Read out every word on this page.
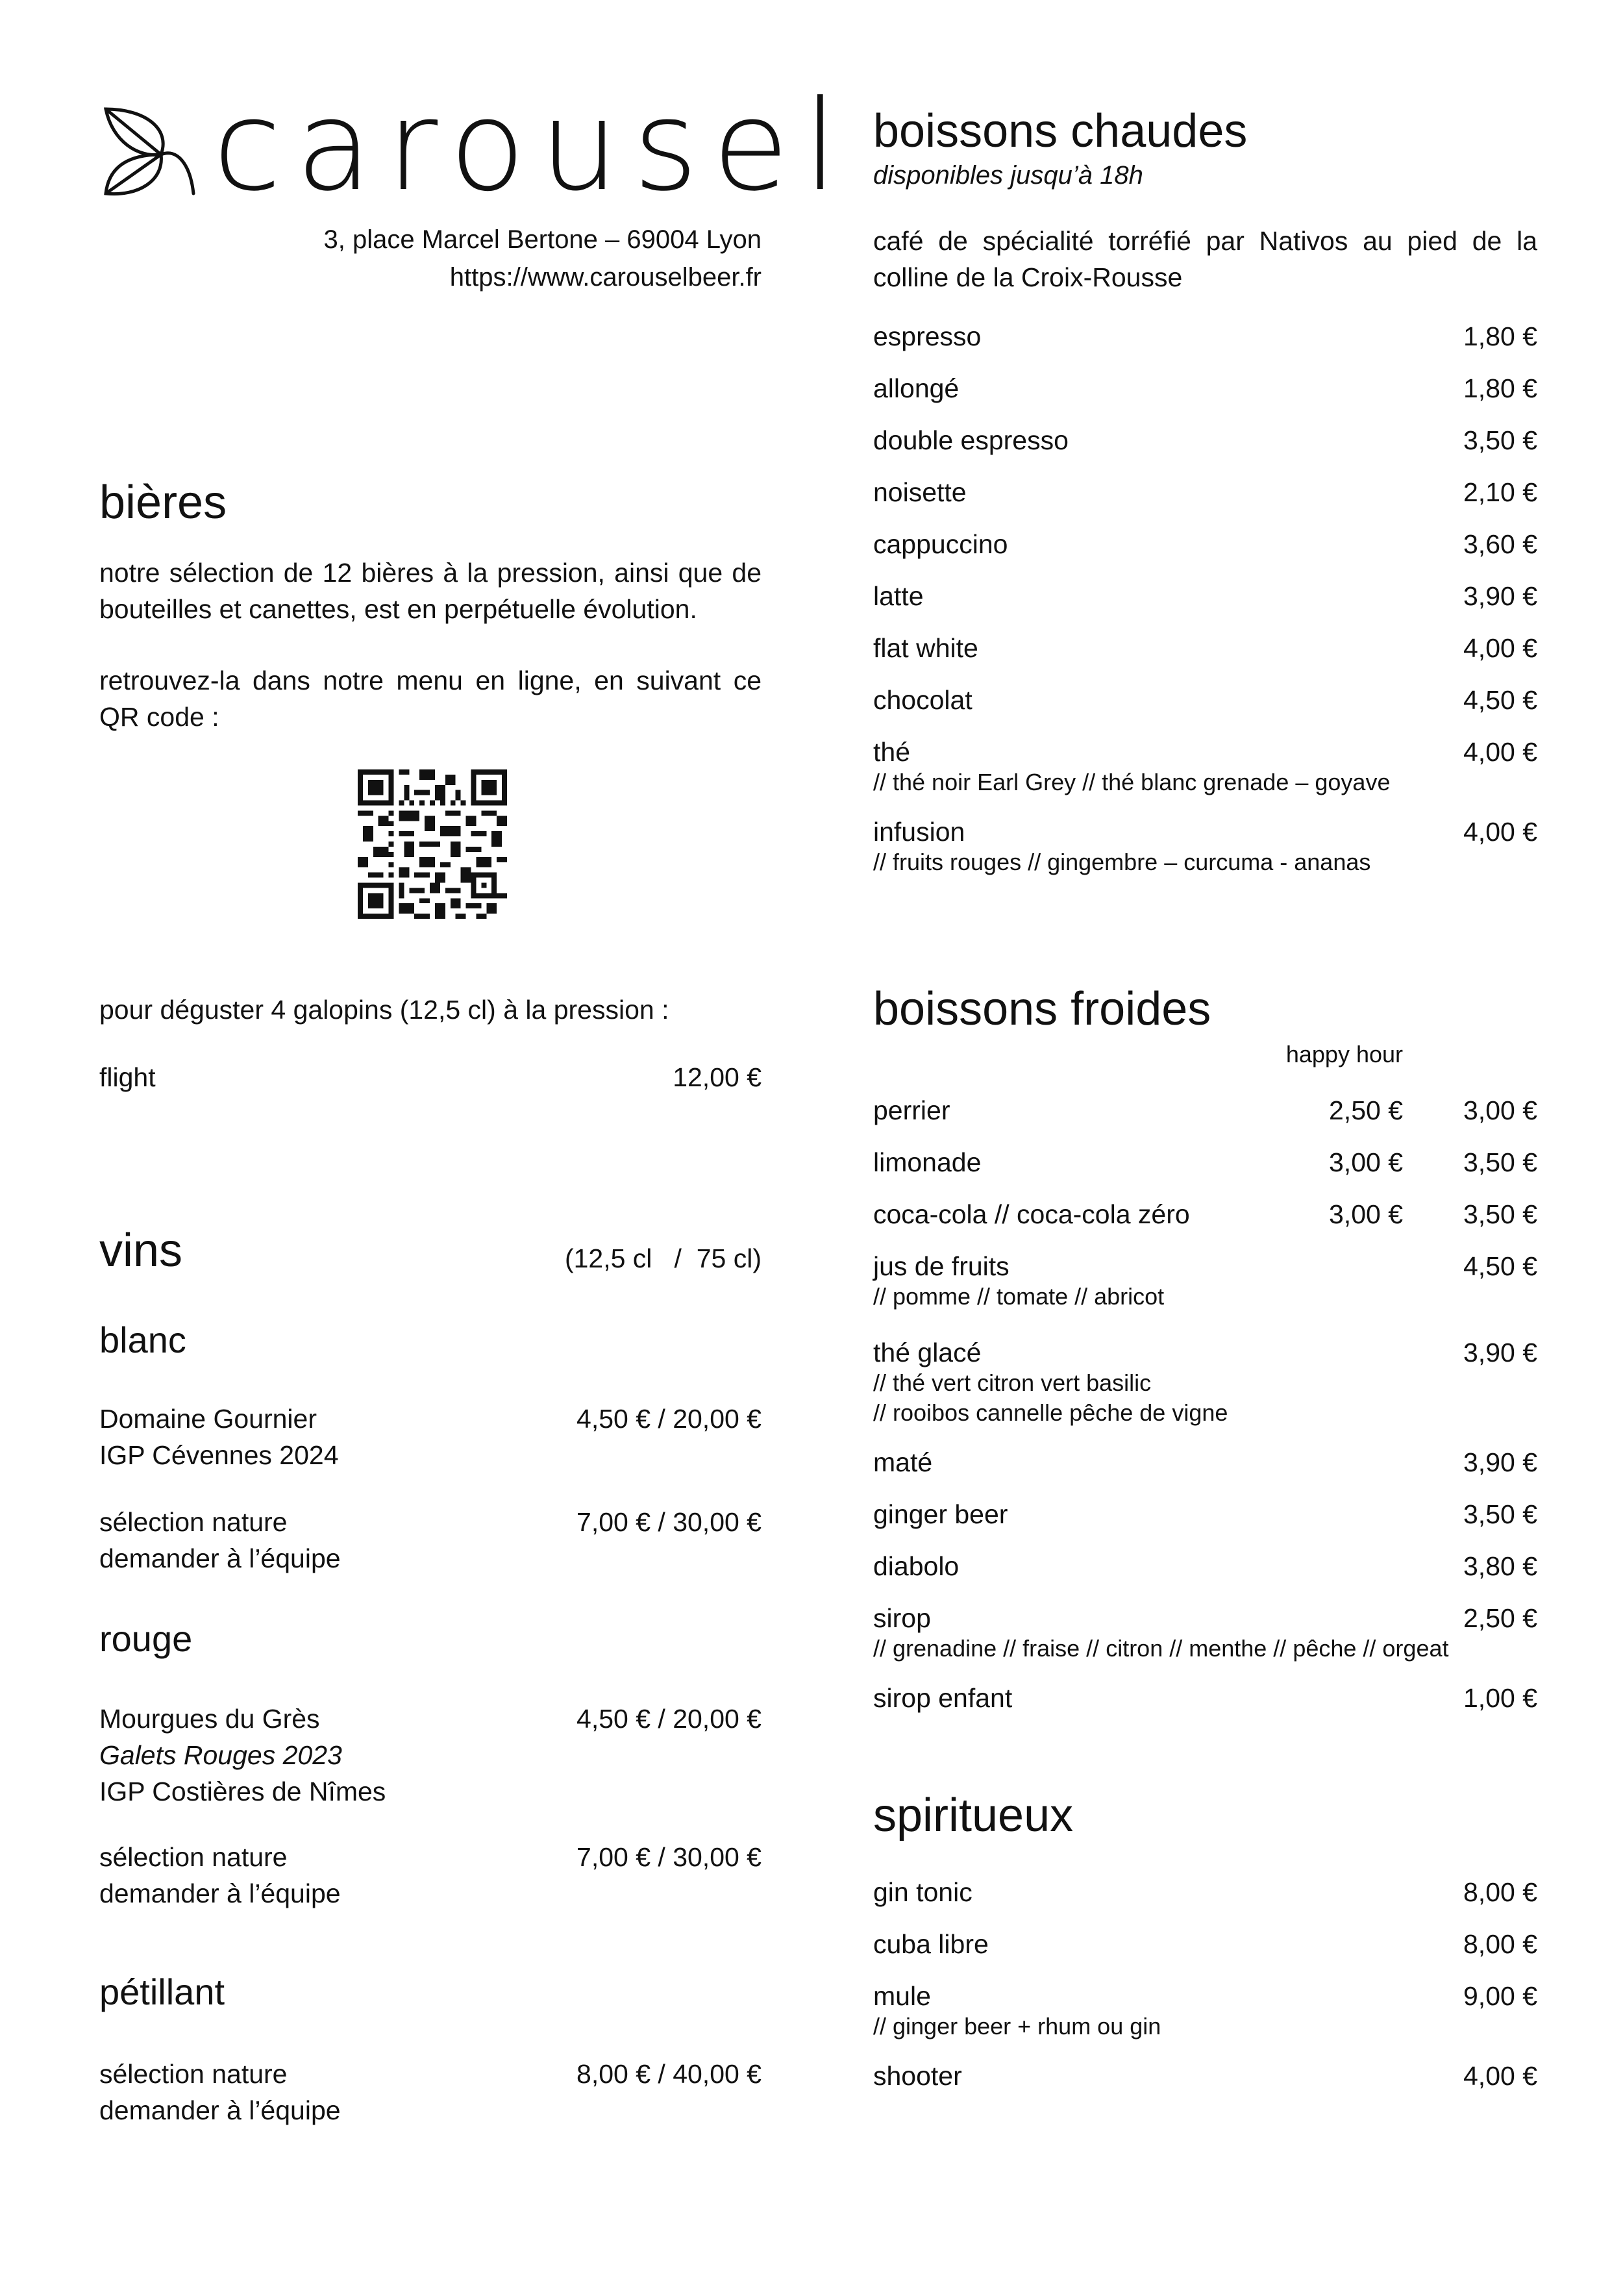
carousel
3, place Marcel Bertone – 69004 Lyon
https://www.carouselbeer.fr
bières
notre sélection de 12 bières à la pression, ainsi que de bouteilles et canettes, est en perpétuelle évolution.
retrouvez-la dans notre menu en ligne, en suivant ce QR code :
pour déguster 4 galopins (12,5 cl) à la pression :
flight	12,00 €
vins	(12,5 cl   /  75 cl)
blanc
Domaine Gournier
IGP Cévennes 2024
4,50 € / 20,00 €
sélection nature
demander à l’équipe
7,00 € / 30,00 €
rouge
Mourgues du Grès
Galets Rouges 2023
IGP Costières de Nîmes
4,50 € / 20,00 €
sélection nature
demander à l’équipe
7,00 € / 30,00 €
pétillant
sélection nature
demander à l’équipe
8,00 € / 40,00 €
boissons chaudes
disponibles jusqu’à 18h
café de spécialité torréfié par Nativos au pied de la colline de la Croix-Rousse
espresso	1,80 €
allongé	1,80 €
double espresso	3,50 €
noisette	2,10 €
cappuccino	3,60 €
latte	3,90 €
flat white	4,00 €
chocolat	4,50 €
thé	4,00 €
// thé noir Earl Grey // thé blanc grenade – goyave
infusion	4,00 €
// fruits rouges // gingembre – curcuma - ananas
boissons froides
happy hour
perrier	2,50 € 3,00 €
limonade	3,00 € 3,50 €
coca-cola // coca-cola zéro	3,00 € 3,50 €
jus de fruits	4,50 €
// pomme // tomate // abricot
thé glacé	3,90 €
// thé vert citron vert basilic
// rooibos cannelle pêche de vigne
maté	3,90 €
ginger beer	3,50 €
diabolo	3,80 €
sirop	2,50 €
// grenadine // fraise // citron // menthe // pêche // orgeat
sirop enfant	1,00 €
spiritueux
gin tonic	8,00 €
cuba libre	8,00 €
mule	9,00 €
// ginger beer + rhum ou gin
shooter	4,00 €
